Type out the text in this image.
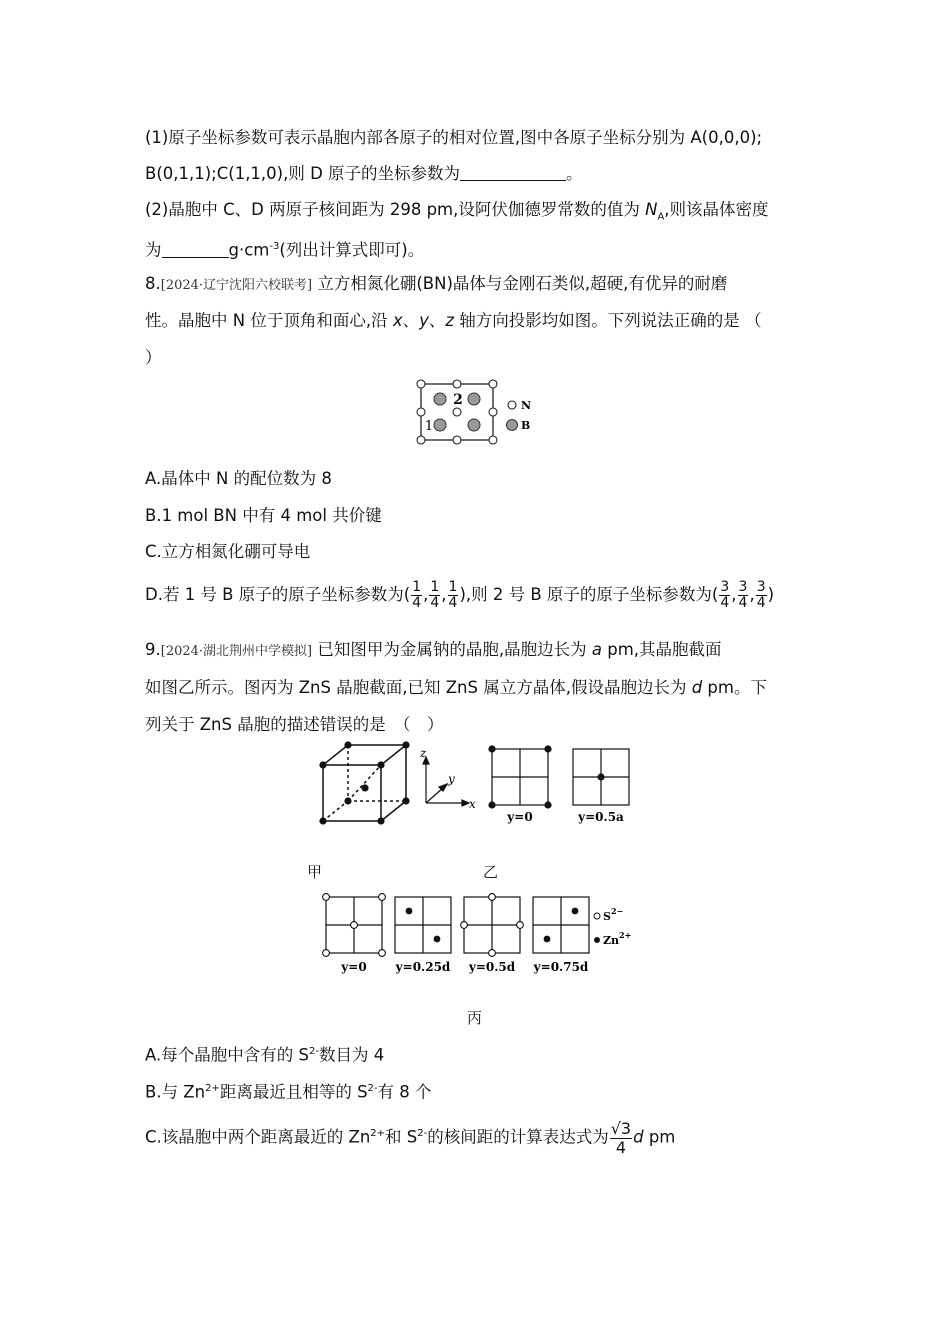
(1)原子坐标参数可表示晶胞内部各原子的相对位置,图中各原子坐标分别为 A(0,0,0);
B(0,1,1);C(1,1,0),则 D 原子的坐标参数为	。
(2)晶胞中 C、D 两原子核间距为 298 pm,设阿伏伽德罗常数的值为 $N_A$,则该晶体密度
为	$g\cdot cm^{-3}$(列出计算式即可)。
8.[2024·辽宁沈阳六校联考] 立方相氮化硼(BN)晶体与金刚石类似,超硬,有优异的耐磨
性。晶胞中 N 位于顶角和面心,沿 x、y、z 轴方向投影均如图。下列说法正确的是 （
）
2
1
N
B
A.晶体中 N 的配位数为 8
B.1 mol BN 中有 4 mol 共价键
C.立方相氮化硼可导电
D.若 1 号 B 原子的原子坐标参数为( $\frac{1}{4}$ , $\frac{1}{4}$ , $\frac{1}{4}$ ),则 2 号 B 原子的原子坐标参数为( $\frac{3}{4}$ , $\frac{3}{4}$ , $\frac{3}{4}$ )
9.[2024·湖北荆州中学模拟] 已知图甲为金属钠的晶胞,晶胞边长为 a pm,其晶胞截面
如图乙所示。图丙为 ZnS 晶胞截面,已知 ZnS 属立方晶体,假设晶胞边长为 d pm。下
列关于 ZnS 晶胞的描述错误的是　（　）
z
y
x
y=0	y=0.5a
甲	乙
$S^{2-}$
$Zn^{2+}$
y=0 y=0.25d y=0.5d y=0.75d
丙
A.每个晶胞中含有的 $S^{2-}$数目为 4
B.与 $Zn^{2+}$距离最近且相等的 $S^{2-}$有 8 个
C.该晶胞中两个距离最近的 $Zn^{2+}$和 $S^{2-}$的核间距的计算表达式为 $\frac{√3}{4}$ d pm
